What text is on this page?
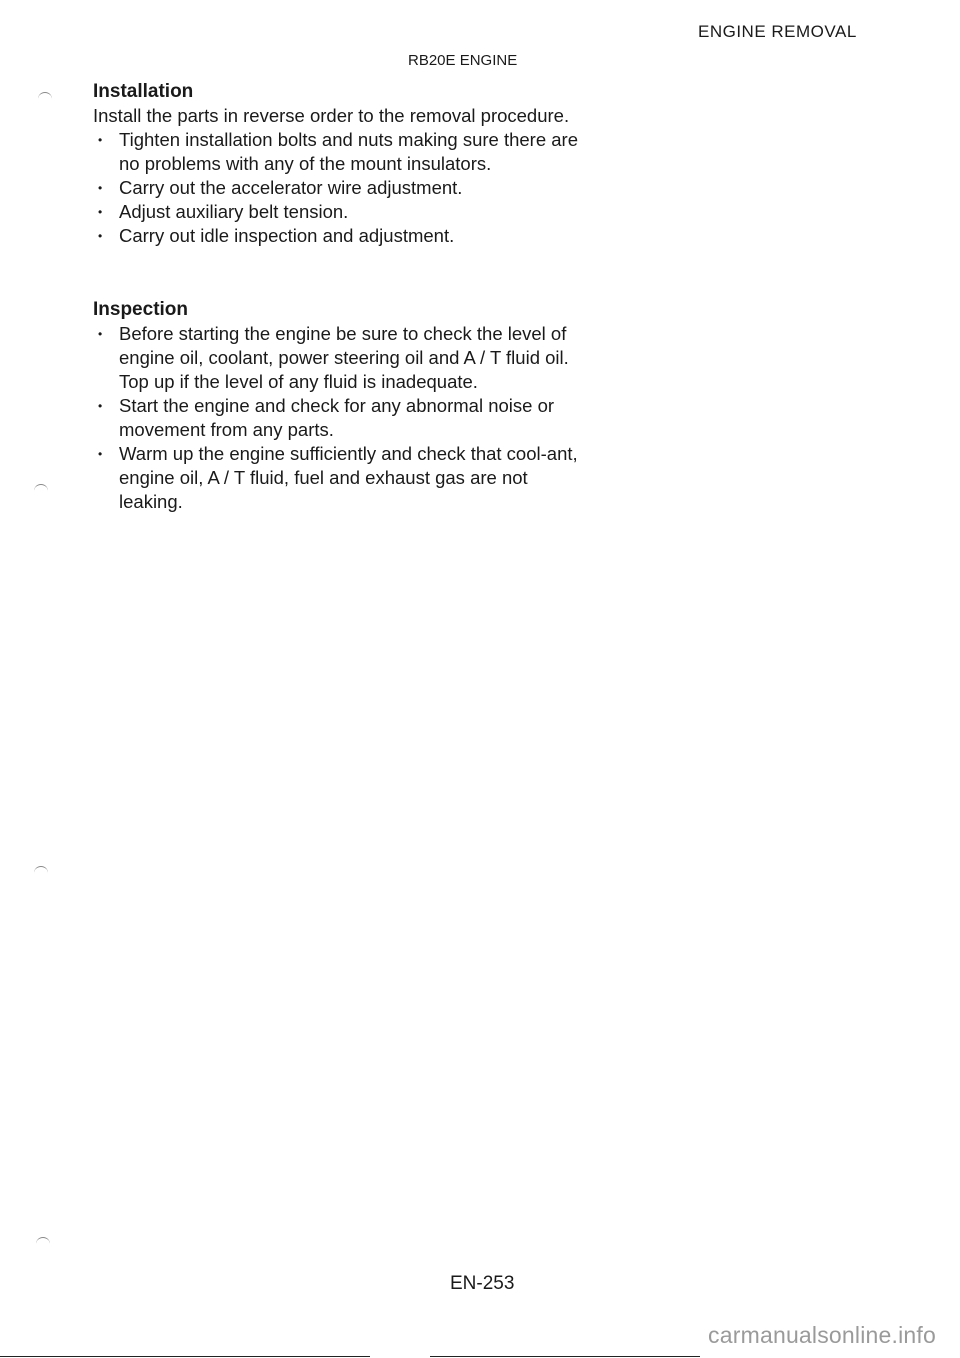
ENGINE REMOVAL
RB20E ENGINE
Installation

Install the parts in reverse order to the removal procedure.

• Tighten installation bolts and nuts making sure there are no problems with any of the mount insulators.
• Carry out the accelerator wire adjustment.
• Adjust auxiliary belt tension.
• Carry out idle inspection and adjustment.
Inspection
• Before starting the engine be sure to check the level of engine oil, coolant, power steering oil and A / T fluid oil. Top up if the level of any fluid is inadequate.
• Start the engine and check for any abnormal noise or movement from any parts.
• Warm up the engine sufficiently and check that cool-ant, engine oil, A / T fluid, fuel and exhaust gas are not leaking.
EN-253
carmanualsonline.info
